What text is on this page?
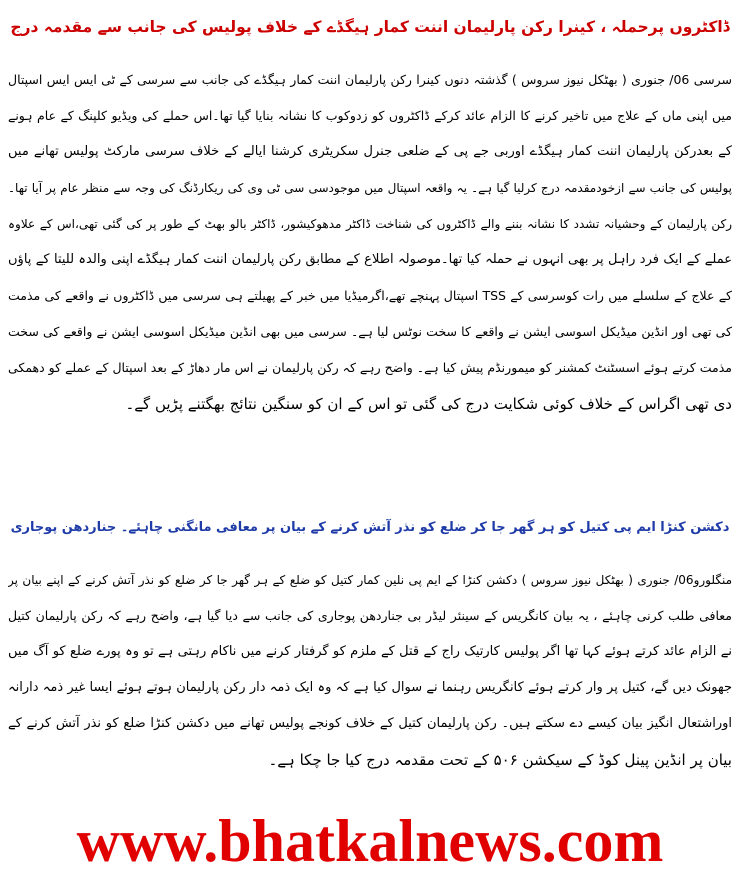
ڈاکٹروں پرحملہ ، کینرا رکن پارلیمان اننت کمار ہیگڈے کے خلاف پولیس کی جانب سے مقدمہ درج
سرسی 06/ جنوری ( بھٹکل نیوز سروس ) گذشتہ دنوں کینرا رکن پارلیمان اننت کمار ہیگڈے کی جانب سے سرسی کے ٹی ایس ایس اسپتال
میں اپنی ماں کے علاج میں تاخیر کرنے کا الزام عائد کرکے ڈاکٹروں کو زدوکوب کا نشانہ بنایا گیا تھا۔اس حملے کی ویڈیو کلپنگ کے عام ہونے
کے بعدرکن پارلیمان اننت کمار ہیگڈے اوربی جے پی کے ضلعی جنرل سکریٹری کرشنا ایالے کے خلاف سرسی مارکٹ پولیس تھانے میں
پولیس کی جانب سے ازخودمقدمہ درج کرلیا گیا ہے۔ یہ واقعہ اسپتال میں موجودسی سی ٹی وی کی ریکارڈنگ کی وجہ سے منظر عام پر آیا تھا۔
رکن پارلیمان کے وحشیانہ تشدد کا نشانہ بننے والے ڈاکٹروں کی شناخت ڈاکٹر مدھوکیشور، ڈاکٹر بالو بھٹ کے طور پر کی گئی تھی،اس کے علاوہ
عملے کے ایک فرد راہل پر بھی انہوں نے حملہ کیا تھا۔موصولہ اطلاع کے مطابق رکن پارلیمان اننت کمار ہیگڈے اپنی والدہ للیتا کے پاؤں
کے علاج کے سلسلے میں رات کوسرسی کے TSS اسپتال پہنچے تھے،اگرمیڈیا میں خبر کے پھیلتے ہی سرسی میں ڈاکٹروں نے واقعے کی مذمت
کی تھی اور انڈین میڈیکل اسوسی ایشن نے واقعے کا سخت نوٹس لیا ہے۔ سرسی میں بھی انڈین میڈیکل اسوسی ایشن نے واقعے کی سخت
مذمت کرتے ہوئے اسسٹنٹ کمشنر کو میمورنڈم پیش کیا ہے۔ واضح رہے کہ رکن پارلیمان نے اس مار دھاڑ کے بعد اسپتال کے عملے کو دھمکی
دی تھی اگراس کے خلاف کوئی شکایت درج کی گئی تو اس کے ان کو سنگین نتائج بھگتنے پڑیں گے۔
دکشن کنڑا ایم پی کتیل کو ہر گھر جا کر ضلع کو نذر آتش کرنے کے بیان پر معافی مانگنی چاہئے۔ جناردھن پوجاری
منگلورو06/ جنوری ( بھٹکل نیوز سروس ) دکشن کنڑا کے ایم پی نلین کمار کتیل کو ضلع کے ہر گھر جا کر ضلع کو نذر آتش کرنے کے اپنے بیان پر
معافی طلب کرنی چاہئے ، یہ بیان کانگریس کے سینئر لیڈر بی جناردھن پوجاری کی جانب سے دیا گیا ہے، واضح رہے کہ رکن پارلیمان کتیل
نے الزام عائد کرتے ہوئے کہا تھا اگر پولیس کارتیک راج کے قتل کے ملزم کو گرفتار کرنے میں ناکام رہتی ہے تو وہ پورے ضلع کو آگ میں
جھونک دیں گے، کتیل پر وار کرتے ہوئے کانگریس رہنما نے سوال کیا ہے کہ وہ ایک ذمہ دار رکن پارلیمان ہوتے ہوئے ایسا غیر ذمہ دارانہ
اوراشتعال انگیز بیان کیسے دے سکتے ہیں۔ رکن پارلیمان کتیل کے خلاف کونجے پولیس تھانے میں دکشن کنڑا ضلع کو نذر آتش کرنے کے
بیان پر انڈین پینل کوڈ کے سیکشن ۵۰۶ کے تحت مقدمہ درج کیا جا چکا ہے۔
www.bhatkalnews.com
